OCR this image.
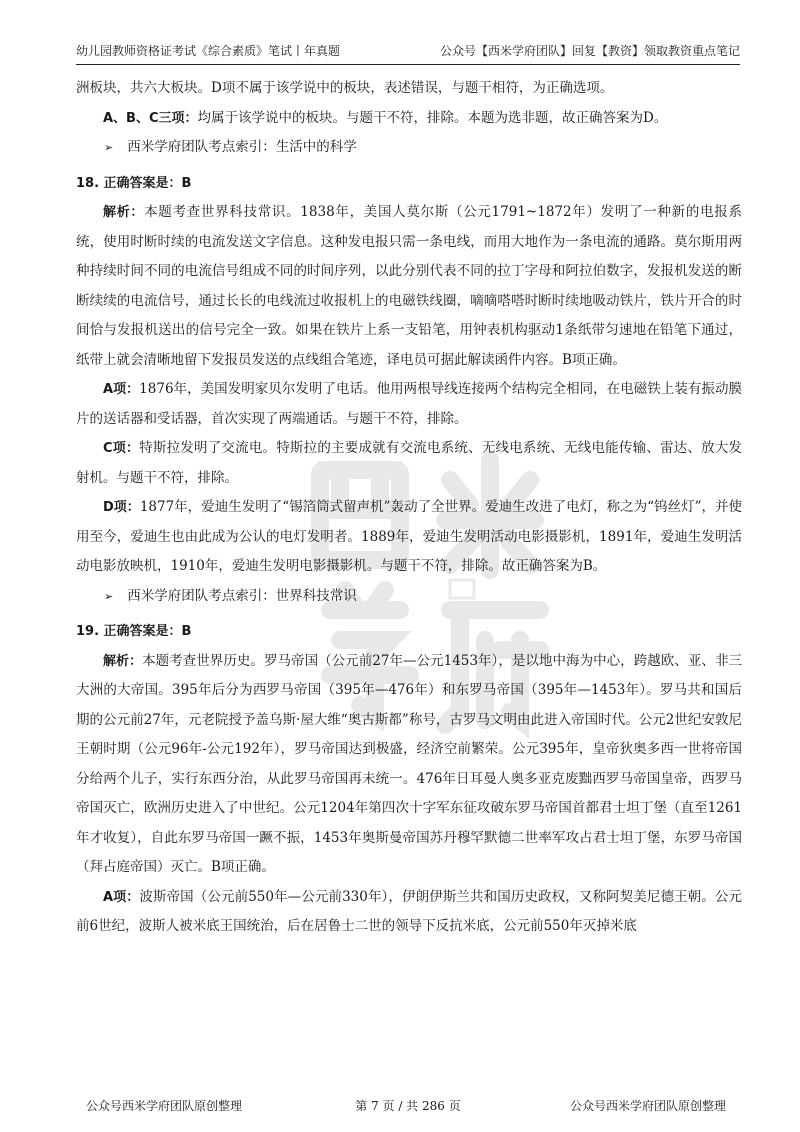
幼儿园教师资格证考试《综合素质》笔试丨年真题	公众号【西米学府团队】回复【教资】领取教资重点笔记

洲板块，共六大板块。D项不属于该学说中的板块，表述错误，与题干相符，为正确选项。

A、B、C三项：均属于该学说中的板块。与题干不符，排除。本题为选非题，故正确答案为D。

➢ 西米学府团队考点索引：生活中的科学

18. 正确答案是：B

解析：本题考查世界科技常识。1838年，美国人莫尔斯（公元1791~1872年）发明了一种新的电报系统，使用时断时续的电流发送文字信息。这种发电报只需一条电线，而用大地作为一条电流的通路。莫尔斯用两种持续时间不同的电流信号组成不同的时间序列，以此分别代表不同的拉丁字母和阿拉伯数字，发报机发送的断断续续的电流信号，通过长长的电线流过收报机上的电磁铁线圈，嘀嘀嗒嗒时断时续地吸动铁片，铁片开合的时间恰与发报机送出的信号完全一致。如果在铁片上系一支铅笔，用钟表机构驱动1条纸带匀速地在铅笔下通过，纸带上就会清晰地留下发报员发送的点线组合笔迹，译电员可据此解读函件内容。B项正确。

A项：1876年，美国发明家贝尔发明了电话。他用两根导线连接两个结构完全相同，在电磁铁上装有振动膜片的送话器和受话器，首次实现了两端通话。与题干不符，排除。

C项：特斯拉发明了交流电。特斯拉的主要成就有交流电系统、无线电系统、无线电能传输、雷达、放大发射机。与题干不符，排除。

D项：1877年，爱迪生发明了“锡箔筒式留声机”轰动了全世界。爱迪生改进了电灯，称之为“钨丝灯”，并使用至今，爱迪生也由此成为公认的电灯发明者。1889年，爱迪生发明活动电影摄影机，1891年，爱迪生发明活动电影放映机，1910年，爱迪生发明电影摄影机。与题干不符，排除。故正确答案为B。

➢ 西米学府团队考点索引：世界科技常识

19. 正确答案是：B

解析：本题考查世界历史。罗马帝国（公元前27年—公元1453年），是以地中海为中心，跨越欧、亚、非三大洲的大帝国。395年后分为西罗马帝国（395年—476年）和东罗马帝国（395年—1453年）。罗马共和国后期的公元前27年，元老院授予盖乌斯·屋大维“奥古斯都”称号，古罗马文明由此进入帝国时代。公元2世纪安敦尼王朝时期（公元96年-公元192年），罗马帝国达到极盛，经济空前繁荣。公元395年，皇帝狄奥多西一世将帝国分给两个儿子，实行东西分治，从此罗马帝国再未统一。476年日耳曼人奥多亚克废黜西罗马帝国皇帝，西罗马帝国灭亡，欧洲历史进入了中世纪。公元1204年第四次十字军东征攻破东罗马帝国首都君士坦丁堡（直至1261年才收复），自此东罗马帝国一蹶不振，1453年奥斯曼帝国苏丹穆罕默德二世率军攻占君士坦丁堡，东罗马帝国（拜占庭帝国）灭亡。B项正确。

A项：波斯帝国（公元前550年—公元前330年），伊朗伊斯兰共和国历史政权，又称阿契美尼德王朝。公元前6世纪，波斯人被米底王国统治，后在居鲁士二世的领导下反抗米底，公元前550年灭掉米底

公众号西米学府团队原创整理	第 7 页 / 共 286 页	公众号西米学府团队原创整理
